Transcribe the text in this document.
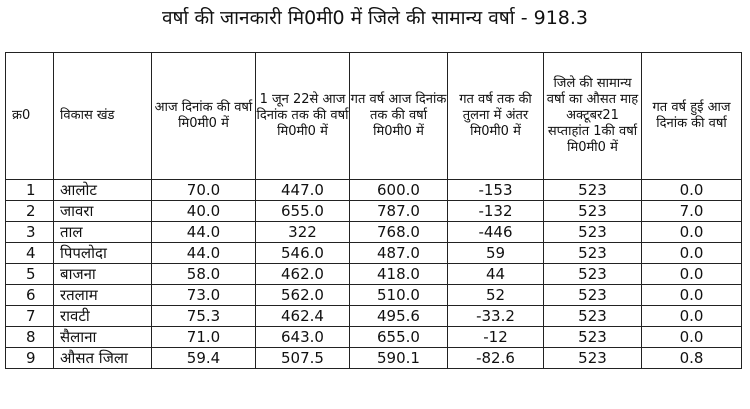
वर्षा की जानकारी मि0मी0 में जिले की सामान्य वर्षा - 918.3
क्र0	विकास खंड	आज दिनांक की वर्षा मि0मी0 में	1 जून 22से आज दिनांक तक की वर्षा मि0मी0 में	गत वर्ष आज दिनांक तक की वर्षा मि0मी0 में	गत वर्ष तक की तुलना में अंतर मि0मी0 में	जिले की सामान्य वर्षा का औसत माह अक्टूबर21 सप्ताहांत 1की वर्षा मि0मी0 में	गत वर्ष हुई आज दिनांक की वर्षा
1	आलोट	70.0	447.0	600.0	-153	523	0.0
2	जावरा	40.0	655.0	787.0	-132	523	7.0
3	ताल	44.0	322	768.0	-446	523	0.0
4	पिपलोदा	44.0	546.0	487.0	59	523	0.0
5	बाजना	58.0	462.0	418.0	44	523	0.0
6	रतलाम	73.0	562.0	510.0	52	523	0.0
7	रावटी	75.3	462.4	495.6	-33.2	523	0.0
8	सैलाना	71.0	643.0	655.0	-12	523	0.0
9	औसत जिला	59.4	507.5	590.1	-82.6	523	0.8
